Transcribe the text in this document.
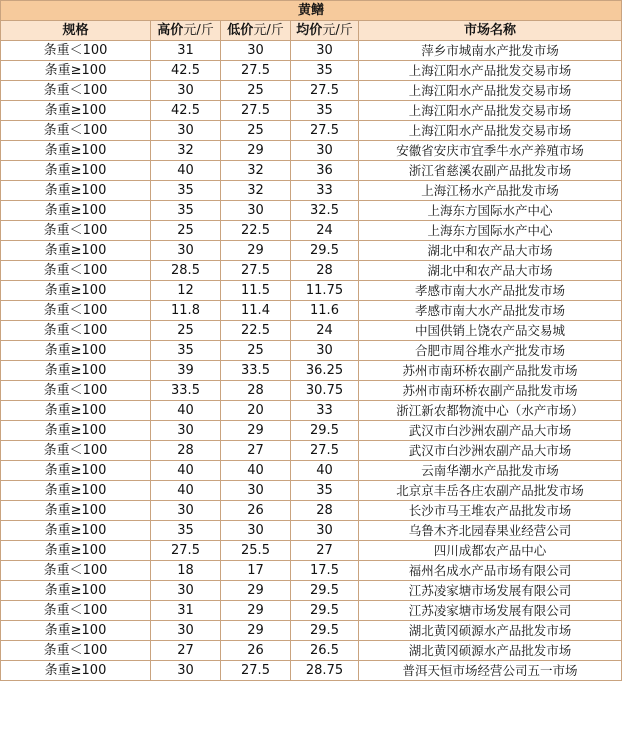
黄鳝				
规格	高价元/斤	低价元/斤	均价元/斤	市场名称
条重＜100	31	30	30	萍乡市城南水产批发市场
条重≥100	42.5	27.5	35	上海江阳水产品批发交易市场
条重＜100	30	25	27.5	上海江阳水产品批发交易市场
条重≥100	42.5	27.5	35	上海江阳水产品批发交易市场
条重＜100	30	25	27.5	上海江阳水产品批发交易市场
条重≥100	32	29	30	安徽省安庆市宜季牛水产养殖市场
条重≥100	40	32	36	浙江省慈溪农副产品批发市场
条重≥100	35	32	33	上海江杨水产品批发市场
条重≥100	35	30	32.5	上海东方国际水产中心
条重＜100	25	22.5	24	上海东方国际水产中心
条重≥100	30	29	29.5	湖北中和农产品大市场
条重＜100	28.5	27.5	28	湖北中和农产品大市场
条重≥100	12	11.5	11.75	孝感市南大水产品批发市场
条重＜100	11.8	11.4	11.6	孝感市南大水产品批发市场
条重＜100	25	22.5	24	中国供销上饶农产品交易城
条重≥100	35	25	30	合肥市周谷堆水产批发市场
条重≥100	39	33.5	36.25	苏州市南环桥农副产品批发市场
条重＜100	33.5	28	30.75	苏州市南环桥农副产品批发市场
条重≥100	40	20	33	浙江新农都物流中心（水产市场）
条重≥100	30	29	29.5	武汉市白沙洲农副产品大市场
条重＜100	28	27	27.5	武汉市白沙洲农副产品大市场
条重≥100	40	40	40	云南华潮水产品批发市场
条重≥100	40	30	35	北京京丰岳各庄农副产品批发市场
条重≥100	30	26	28	长沙市马王堆农产品批发市场
条重≥100	35	30	30	乌鲁木齐北园春果业经营公司
条重≥100	27.5	25.5	27	四川成都农产品中心
条重＜100	18	17	17.5	福州名成水产品市场有限公司
条重≥100	30	29	29.5	江苏凌家塘市场发展有限公司
条重＜100	31	29	29.5	江苏凌家塘市场发展有限公司
条重≥100	30	29	29.5	湖北黄冈硕源水产品批发市场
条重＜100	27	26	26.5	湖北黄冈硕源水产品批发市场
条重≥100	30	27.5	28.75	普洱天恒市场经营公司五一市场
